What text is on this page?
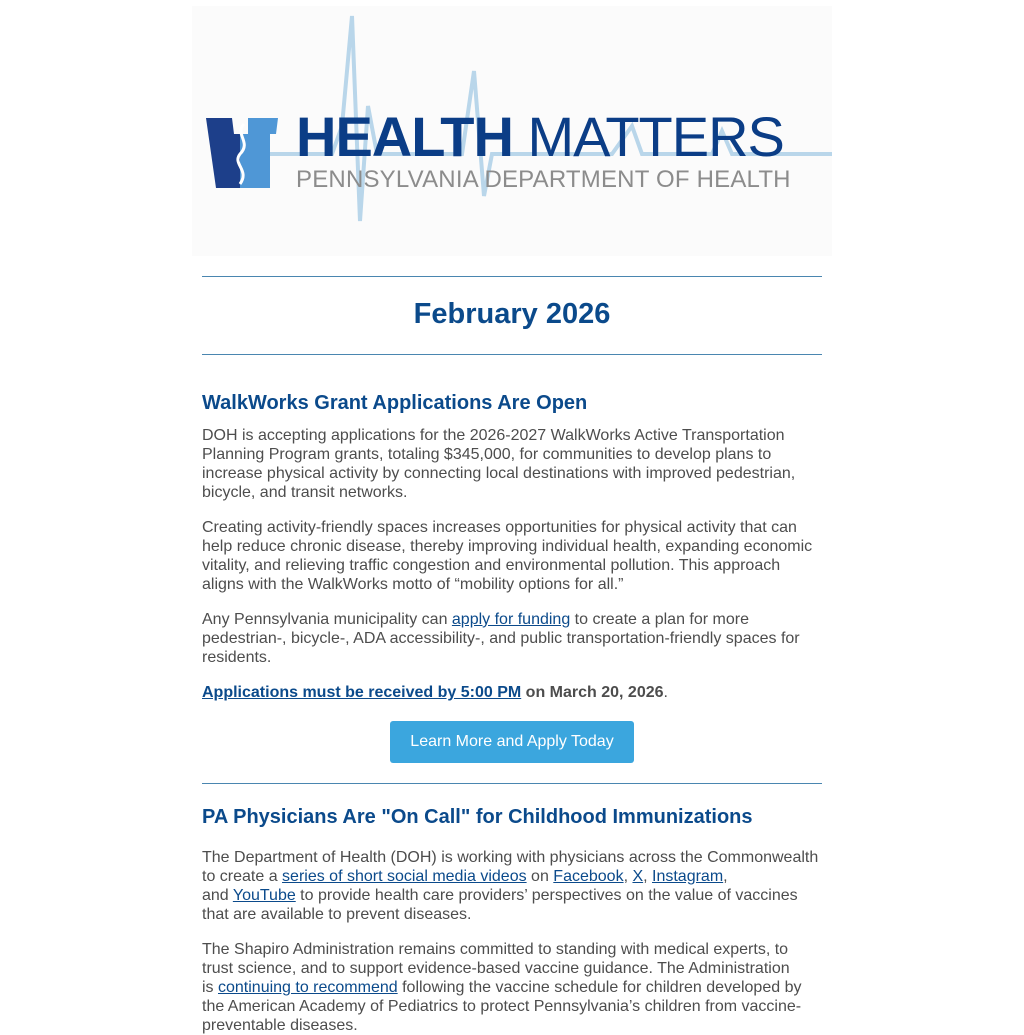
HEALTH MATTERS
PENNSYLVANIA DEPARTMENT OF HEALTH
February 2026
WalkWorks Grant Applications Are Open

DOH is accepting applications for the 2026-2027 WalkWorks Active Transportation Planning Program grants, totaling $345,000, for communities to develop plans to increase physical activity by connecting local destinations with improved pedestrian, bicycle, and transit networks.

Creating activity-friendly spaces increases opportunities for physical activity that can help reduce chronic disease, thereby improving individual health, expanding economic vitality, and relieving traffic congestion and environmental pollution. This approach aligns with the WalkWorks motto of “mobility options for all.”

Any Pennsylvania municipality can apply for funding to create a plan for more pedestrian-, bicycle-, ADA accessibility-, and public transportation-friendly spaces for residents.

Applications must be received by 5:00 PM on March 20, 2026.

Learn More and Apply Today
PA Physicians Are "On Call" for Childhood Immunizations

The Department of Health (DOH) is working with physicians across the Commonwealth to create a series of short social media videos on Facebook, X, Instagram,
and YouTube to provide health care providers’ perspectives on the value of vaccines that are available to prevent diseases.

The Shapiro Administration remains committed to standing with medical experts, to trust science, and to support evidence-based vaccine guidance. The Administration
is continuing to recommend following the vaccine schedule for children developed by the American Academy of Pediatrics to protect Pennsylvania’s children from vaccine-preventable diseases.
